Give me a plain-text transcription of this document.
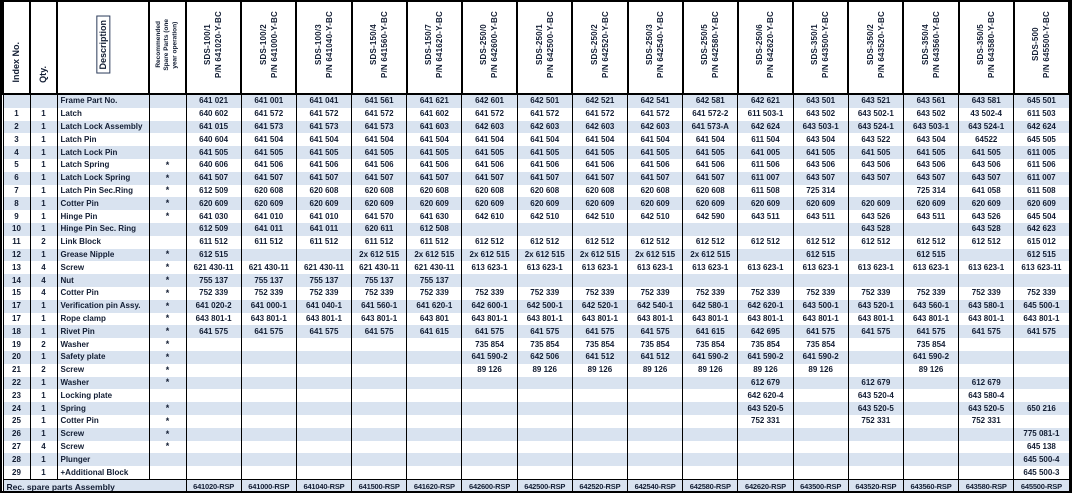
Index No.	Qty.	Description	Recommended Spare Parts (one year operation)	SDS-100/1 P/N 641020-Y-BC	SDS-100/2 P/N 641000-Y-BC	SDS-100/3 P/N 641040-Y-BC	SDS-150/4 P/N 641560-Y-BC	SDS-150/7 P/N 641620-Y-BC	SDS-250/0 P/N 642600-Y-BC	SDS-250/1 P/N 642500-Y-BC	SDS-250/2 P/N 642520-Y-BC	SDS-250/3 P/N 642540-Y-BC	SDS-250/5 P/N 642580-Y-BC	SDS-250/6 P/N 642620-Y-BC	SDS-350/1 P/N 643500-Y-BC	SDS-350/2 P/N 643520-Y-BC	SDS-350/4 P/N 643560-Y-BC	SDS-350/5 P/N 643580-Y-BC	SDS-500 P/N 645500-Y-BC

		Frame Part No.		641 021	641 001	641 041	641 561	641 621	642 601	642 501	642 521	642 541	642 581	642 621	643 501	643 521	643 561	643 581	645 501
1	1	Latch		640 602	641 572	641 572	641 572	641 602	641 572	641 572	641 572	641 572	641 572-2	611 503-1	643 502	643 502-1	643 502	43 502-4	611 503
2	1	Latch Lock Assembly		641 015	641 573	641 573	641 573	641 603	642 603	642 603	642 603	642 603	641 573-A	642 624	643 503-1	643 524-1	643 503-1	643 524-1	642 624
3	1	Latch Pin		640 604	641 504	641 504	641 504	641 504	641 504	641 504	641 504	641 504	641 504	611 504	643 504	643 522	643 504	64522	645 505
4	1	Latch Lock Pin		641 505	641 505	641 505	641 505	641 505	641 505	641 505	641 505	641 505	641 505	641 005	641 505	641 505	641 505	641 505	611 005
5	1	Latch Spring	*	640 606	641 506	641 506	641 506	641 506	641 506	641 506	641 506	641 506	641 506	611 506	643 506	643 506	643 506	643 506	611 506
6	1	Latch Lock Spring	*	641 507	641 507	641 507	641 507	641 507	641 507	641 507	641 507	641 507	641 507	611 007	643 507	643 507	643 507	643 507	611 007
7	1	Latch Pin Sec.Ring	*	612 509	620 608	620 608	620 608	620 608	620 608	620 608	620 608	620 608	620 608	611 508	725 314		725 314	641 058	611 508
8	1	Cotter Pin	*	620 609	620 609	620 609	620 609	620 609	620 609	620 609	620 609	620 609	620 609	620 609	620 609	620 609	620 609	620 609	620 609
9	1	Hinge Pin	*	641 030	641 010	641 010	641 570	641 630	642 610	642 510	642 510	642 510	642 590	643 511	643 511	643 526	643 511	643 526	645 504
10	1	Hinge Pin Sec. Ring		612 509	641 011	641 011	620 611	612 508								643 528		643 528	642 623
11	2	Link Block		611 512	611 512	611 512	611 512	611 512	612 512	612 512	612 512	612 512	612 512	612 512	612 512	612 512	612 512	612 512	615 012
12	1	Grease Nipple	*	612 515			2x 612 515	2x 612 515	2x 612 515	2x 612 515	2x 612 515	2x 612 515	2x 612 515		612 515		612 515		612 515
13	4	Screw	*	621 430-11	621 430-11	621 430-11	621 430-11	621 430-11	613 623-1	613 623-1	613 623-1	613 623-1	613 623-1	613 623-1	613 623-1	613 623-1	613 623-1	613 623-1	613 623-11
14	4	Nut	*	755 137	755 137	755 137	755 137	755 137											
15	4	Cotter Pin	*	752 339	752 339	752 339	752 339	752 339	752 339	752 339	752 339	752 339	752 339	752 339	752 339	752 339	752 339	752 339	752 339
17	1	Verification pin Assy.	*	641 020-2	641 000-1	641 040-1	641 560-1	641 620-1	642 600-1	642 500-1	642 520-1	642 540-1	642 580-1	642 620-1	643 500-1	643 520-1	643 560-1	643 580-1	645 500-1
17	1	Rope clamp	*	643 801-1	643 801-1	643 801-1	643 801-1	643 801	643 801-1	643 801-1	643 801-1	643 801-1	643 801-1	643 801-1	643 801-1	643 801-1	643 801-1	643 801-1	643 801-1
18	1	Rivet Pin	*	641 575	641 575	641 575	641 575	641 615	641 575	641 575	641 575	641 575	641 615	642 695	641 575	641 575	641 575	641 575	641 575
19	2	Washer	*						735 854	735 854	735 854	735 854	735 854	735 854	735 854		735 854		
20	1	Safety plate	*						641 590-2	642 506	641 512	641 512	641 590-2	641 590-2	641 590-2		641 590-2		
21	2	Screw	*						89 126	89 126	89 126	89 126	89 126	89 126	89 126		89 126		
22	1	Washer	*											612 679		612 679		612 679	
23	1	Locking plate												642 620-4		643 520-4		643 580-4	
24	1	Spring	*											643 520-5		643 520-5		643 520-5	650 216
25	1	Cotter Pin	*											752 331		752 331		752 331	
26	1	Screw	*																775 081-1
27	4	Screw	*																645 138
28	1	Plunger																	645 500-4
29	1	+Additional Block																	645 500-3
Rec. spare parts Assembly				641020-RSP	641000-RSP	641040-RSP	641500-RSP	641620-RSP	642600-RSP	642500-RSP	642520-RSP	642540-RSP	642580-RSP	642620-RSP	643500-RSP	643520-RSP	643560-RSP	643580-RSP	645500-RSP
